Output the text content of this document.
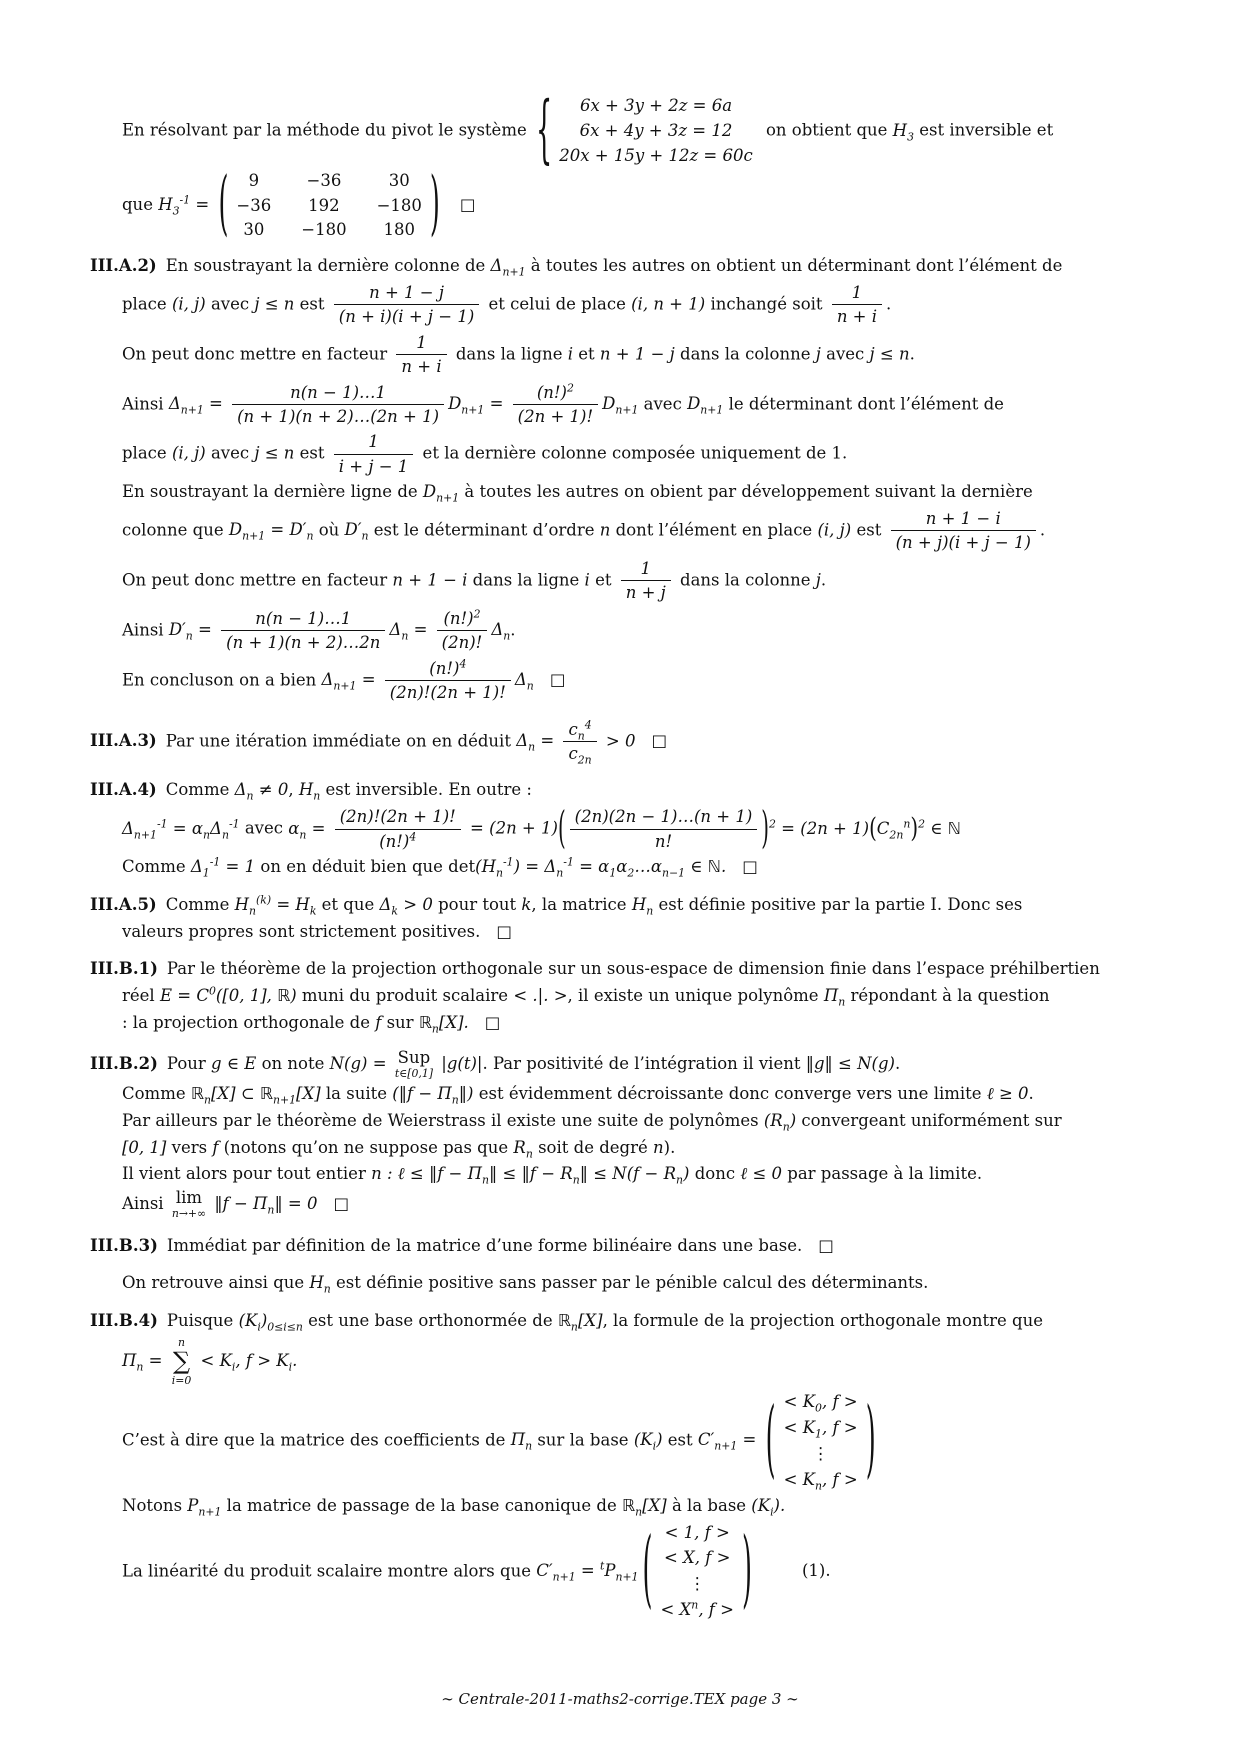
En résolvant par la méthode du pivot le système { 6x + 3y + 2z = 6a
6x + 4y + 3z = 12
20x + 15y + 12z = 60c
on obtient que $H_3$ est inversible et
que $H_3^{-1}$ = ( 9	−36	30
−36 192 −180
30 −180 180 ) □
III.A.2) En soustrayant la dernière colonne de $\Delta_{n+1}$ à toutes les autres on obtient un déterminant dont l’élément de
place (i, j) avec j ≤ n est $\frac{n + 1 - j}{(n + i)(i + j - 1)}$ et celui de place (i, n + 1) inchangé soit $\frac{1}{n + i}$ .
On peut donc mettre en facteur $\frac{1}{n + i}$ dans la ligne i et n + 1 − j dans la colonne j avec j ≤ n.
Ainsi $\Delta_{n+1} = \frac{n(n - 1)\dots 1}{(n + 1)(n + 2)\dots(2n + 1)} D_{n+1} = \frac{(n!)^2}{(2n + 1)!} D_{n+1}$ avec $D_{n+1}$ le déterminant dont l’élément de
place (i, j) avec j ≤ n est $\frac{1}{i + j - 1}$ et la dernière colonne composée uniquement de 1.
En soustrayant la dernière ligne de $D_{n+1}$ à toutes les autres on obient par développement suivant la dernière
colonne que $D_{n+1} = D'_n$ où $D'_n$ est le déterminant d’ordre n dont l’élément en place (i, j) est $\frac{n + 1 - i}{(n + j)(i + j - 1)}$ .
On peut donc mettre en facteur n + 1 − i dans la ligne i et $\frac{1}{n + j}$ dans la colonne j.
Ainsi $D'_n = \frac{n(n - 1)\dots 1}{(n + 1)(n + 2)\dots 2n} \Delta_n = \frac{(n!)^2}{(2n)!} \Delta_n$.
En concluson on a bien $\Delta_{n+1} = \frac{(n!)^4}{(2n)!(2n + 1)!} \Delta_n$ □
III.A.3) Par une itération immédiate on en déduit $\Delta_n = \frac{c_n^4}{c_{2n}} > 0$ □
III.A.4) Comme $\Delta_n \ne 0$, $H_n$ est inversible. En outre :
$\Delta_{n+1}^{-1} = \alpha_n\Delta_n^{-1}$ avec $\alpha_n = \frac{(2n)!(2n + 1)!}{(n!)^4} = (2n + 1)( \frac{(2n)(2n - 1)\dots(n + 1)}{n!} )^2 = (2n + 1)(C_{2n}^n)^2$ ∈ ℕ
Comme $\Delta_1^{-1} = 1$ on en déduit bien que $\det(H_n^{-1}) = \Delta_n^{-1}$ = $\alpha_1\alpha_2\dots\alpha_{n-1}$ ∈ ℕ. □
III.A.5) Comme $H_n^{(k)} = H_k$ et que $\Delta_k > 0$ pour tout k, la matrice $H_n$ est définie positive par la partie I. Donc ses
valeurs propres sont strictement positives. □
III.B.1) Par le théorème de la projection orthogonale sur un sous-espace de dimension finie dans l’espace préhilbertien
réel $E = C^0([0$, 1], ℝ) muni du produit scalaire < .|. >, il existe un unique polynôme $\Pi_n$ répondant à la question
: la projection orthogonale de f sur ℝ$_n$[X]. □
III.B.2) Pour g ∈ E on note N(g) = Sup
t∈[0,1]
|g(t)|. Par positivité de l’intégration il vient ‖g‖ ≤ N(g).
Comme ℝ$_n$[X] ⊂ ℝ$_{n+1}$[X] la suite (‖f − $\Pi_n‖$) est évidemment décroissante donc converge vers une limite ℓ ≥ 0.
Par ailleurs par le théorème de Weierstrass il existe une suite de polynômes $(R_n)$ convergeant uniformément sur
[0, 1] vers f (notons qu’on ne suppose pas que $R_n$ soit de degré n).
Il vient alors pour tout entier n : ℓ ≤ ‖f − $\Pi_n‖$ ≤ ‖f − $R_n‖ \le N(f - R_n)$ donc ℓ ≤ 0 par passage à la limite.
Ainsi lim
n→+∞
‖f − $\Pi_n‖ = 0$ □
III.B.3) Immédiat par définition de la matrice d’une forme bilinéaire dans une base. □
On retrouve ainsi que $H_n$ est définie positive sans passer par le pénible calcul des déterminants.
III.B.4) Puisque $(K_i)_{0\le i\le n}$ est une base orthonormée de ℝ$_n$[X], la formule de la projection orthogonale montre que
$\Pi_n$ =
n
∑
i=0
< $K_i$, $f > K_i$.
C’est à dire que la matrice des coefficients de $\Pi_n$ sur la base $(K_i)$ est $C'_{n+1}$ = ( < $K_0$, f >
< $K_1$, f >
⋮
< $K_n$, f > )
Notons $P_{n+1}$ la matrice de passage de la base canonique de ℝ$_n$[X] à la base $(K_i)$.
La linéarité du produit scalaire montre alors que $C'_{n+1} = ^tP_{n+1}$ ( < 1, f >
< X, f >
⋮
< $X^n$, f > )	(1).
∼ Centrale-2011-maths2-corrige.TEX page 3 ∼
